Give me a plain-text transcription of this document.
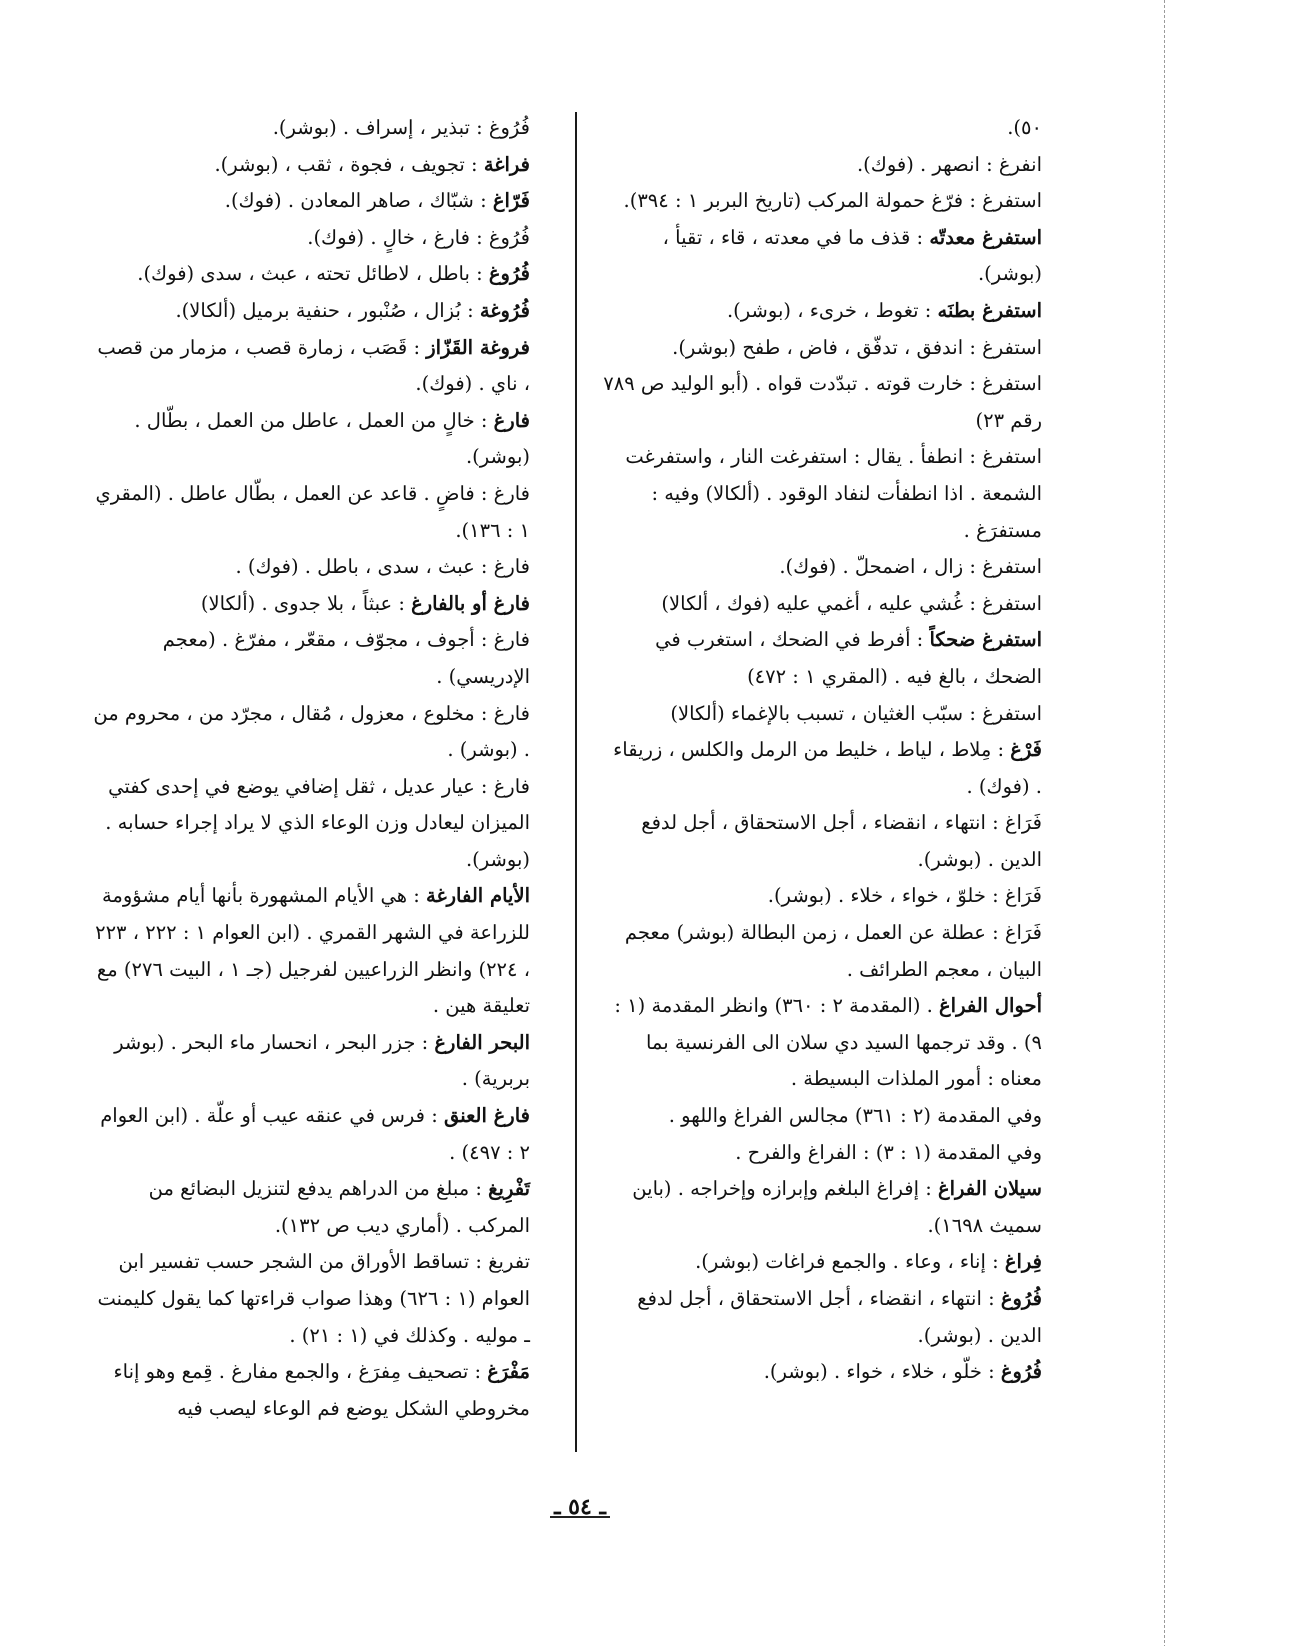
٥٠).

انفرغ : انصهر . (فوك).

استفرغ : فرّغ حمولة المركب (تاريخ البربر ١ : ٣٩٤).

استفرغ معدتّه : قذف ما في معدته ، قاء ، تقيأ ، (بوشر).

استفرغ بطنَه : تغوط ، خرىء ، (بوشر).

استفرغ : اندفق ، تدفّق ، فاض ، طفح (بوشر).

استفرغ : خارت قوته . تبدّدت قواه . (أبو الوليد ص ٧٨٩ رقم ٢٣)

استفرغ : انطفأ . يقال : استفرغت النار ، واستفرغت الشمعة . اذا انطفأت لنفاد الوقود . (ألكالا) وفيه : مستفرَغ .

استفرغ : زال ، اضمحلّ . (فوك).

استفرغ : غُشي عليه ، أغمي عليه (فوك ، ألكالا)

استفرغ ضحكاً : أفرط في الضحك ، استغرب في الضحك ، بالغ فيه . (المقري ١ : ٤٧٢)

استفرغ : سبّب الغثيان ، تسبب بالإغماء (ألكالا)

فَرْغ : مِلاط ، لياط ، خليط من الرمل والكلس ، زريقاء . (فوك) .

فَرَاغ : انتهاء ، انقضاء ، أجل الاستحقاق ، أجل لدفع الدين . (بوشر).

فَرَاغ : خلوّ ، خواء ، خلاء . (بوشر).

فَرَاغ : عطلة عن العمل ، زمن البطالة (بوشر) معجم البيان ، معجم الطرائف .

أحوال الفراغ . (المقدمة ٢ : ٣٦٠) وانظر المقدمة (١ : ٩) . وقد ترجمها السيد دي سلان الى الفرنسية بما معناه : أمور الملذات البسيطة .

وفي المقدمة (٢ : ٣٦١) مجالس الفراغ واللهو .

وفي المقدمة (١ : ٣) : الفراغ والفرح .

سيلان الفراغ : إفراغ البلغم وإبرازه وإخراجه . (باين سميث ١٦٩٨).

فِراغ : إناء ، وعاء . والجمع فراغات (بوشر).

فُرُوغ : انتهاء ، انقضاء ، أجل الاستحقاق ، أجل لدفع الدين . (بوشر).

فُرُوغ : خلّو ، خلاء ، خواء . (بوشر).

فُرُوغ : تبذير ، إسراف . (بوشر).

فراغة : تجويف ، فجوة ، ثقب ، (بوشر).

فَرّاغ : شبّاك ، صاهر المعادن . (فوك).

فُرُوغ : فارغ ، خالٍ . (فوك).

فُرُوغ : باطل ، لاطائل تحته ، عبث ، سدى (فوك).

فُرُوغة : بُزال ، صُنْبور ، حنفية برميل (ألكالا).

فروغة القَزّاز : قَصَب ، زمارة قصب ، مزمار من قصب ، ناي . (فوك).

فارغ : خالٍ من العمل ، عاطل من العمل ، بطّال . (بوشر).

فارغ : فاضٍ . قاعد عن العمل ، بطّال عاطل . (المقري ١ : ١٣٦).

فارغ : عبث ، سدى ، باطل . (فوك) .

فارغ أو بالفارغ : عبثاً ، بلا جدوى . (ألكالا)

فارغ : أجوف ، مجوّف ، مقعّر ، مفرّغ . (معجم الإدريسي) .

فارغ : مخلوع ، معزول ، مُقال ، مجرّد من ، محروم من . (بوشر) .

فارغ : عيار عديل ، ثقل إضافي يوضع في إحدى كفتي الميزان ليعادل وزن الوعاء الذي لا يراد إجراء حسابه . (بوشر).

الأيام الفارغة : هي الأيام المشهورة بأنها أيام مشؤومة للزراعة في الشهر القمري . (ابن العوام ١ : ٢٢٢ ، ٢٢٣ ، ٢٢٤) وانظر الزراعيين لفرجيل (جـ ١ ، البيت ٢٧٦) مع تعليقة هين .

البحر الفارغ : جزر البحر ، انحسار ماء البحر . (بوشر بربرية) .

فارغ العنق : فرس في عنقه عيب أو علّة . (ابن العوام ٢ : ٤٩٧) .

تَفْرِيغ : مبلغ من الدراهم يدفع لتنزيل البضائع من المركب . (أماري ديب ص ١٣٢).

تفريغ : تساقط الأوراق من الشجر حسب تفسير ابن العوام (١ : ٦٢٦) وهذا صواب قراءتها كما يقول كليمنت ـ موليه . وكذلك في (١ : ٢١) .

مَفْرَغ : تصحيف مِفرَغ ، والجمع مفارغ . قِمع وهو إناء مخروطي الشكل يوضع فم الوعاء ليصب فيه

ـ ٥٤ ـ
